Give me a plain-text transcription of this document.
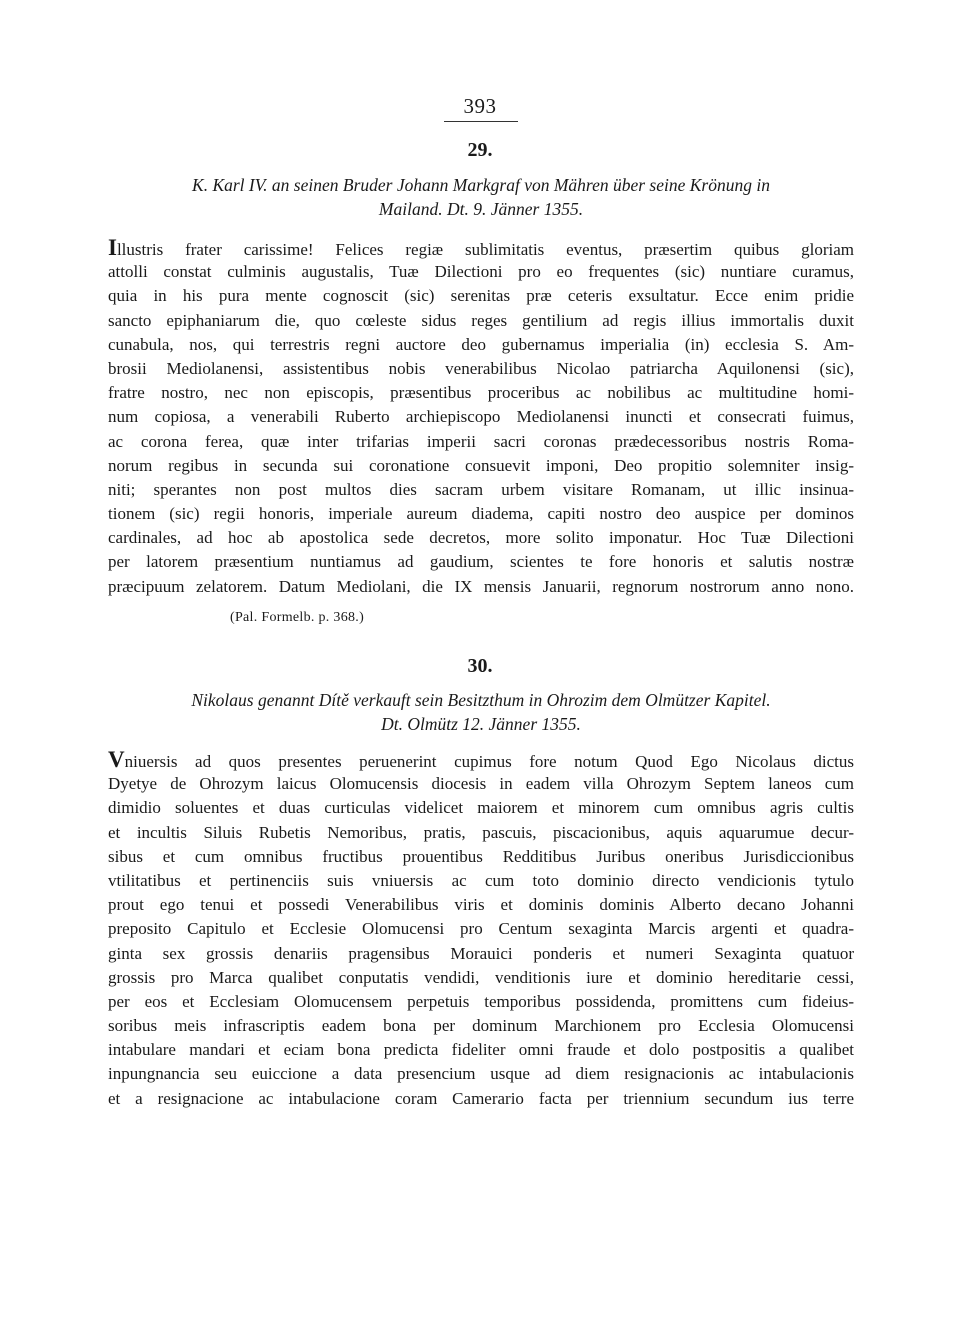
393
29.
K. Karl IV. an seinen Bruder Johann Markgraf von Mähren über seine Krönung in
Mailand. Dt. 9. Jänner 1355.
Illustris frater carissime! Felices regiæ sublimitatis eventus, præsertim quibus gloriam
attolli constat culminis augustalis, Tuæ Dilectioni pro eo frequentes (sic) nuntiare curamus,
quia in his pura mente cognoscit (sic) serenitas præ ceteris exsultatur. Ecce enim pridie
sancto epiphaniarum die, quo cœleste sidus reges gentilium ad regis illius immortalis duxit
cunabula, nos, qui terrestris regni auctore deo gubernamus imperialia (in) ecclesia S. Am-
brosii Mediolanensi, assistentibus nobis venerabilibus Nicolao patriarcha Aquilonensi (sic),
fratre nostro, nec non episcopis, præsentibus proceribus ac nobilibus ac multitudine homi-
num copiosa, a venerabili Ruberto archiepiscopo Mediolanensi inuncti et consecrati fuimus,
ac corona ferea, quæ inter trifarias imperii sacri coronas prædecessoribus nostris Roma-
norum regibus in secunda sui coronatione consuevit imponi, Deo propitio solemniter insig-
niti; sperantes non post multos dies sacram urbem visitare Romanam, ut illic insinua-
tionem (sic) regii honoris, imperiale aureum diadema, capiti nostro deo auspice per dominos
cardinales, ad hoc ab apostolica sede decretos, more solito imponatur. Hoc Tuæ Dilectioni
per latorem præsentium nuntiamus ad gaudium, scientes te fore honoris et salutis nostræ
præcipuum zelatorem. Datum Mediolani, die IX mensis Januarii, regnorum nostrorum anno nono.
(Pal. Formelb. p. 368.)
30.
Nikolaus genannt Dítě verkauft sein Besitzthum in Ohrozim dem Olmützer Kapitel.
Dt. Olmütz 12. Jänner 1355.
Vniuersis ad quos presentes peruenerint cupimus fore notum Quod Ego Nicolaus dictus
Dyetye de Ohrozym laicus Olomucensis diocesis in eadem villa Ohrozym Septem laneos cum
dimidio soluentes et duas curticulas videlicet maiorem et minorem cum omnibus agris cultis
et incultis Siluis Rubetis Nemoribus, pratis, pascuis, piscacionibus, aquis aquarumue decur-
sibus et cum omnibus fructibus prouentibus Redditibus Juribus oneribus Jurisdiccionibus
vtilitatibus et pertinenciis suis vniuersis ac cum toto dominio directo vendicionis tytulo
prout ego tenui et possedi Venerabilibus viris et dominis dominis Alberto decano Johanni
preposito Capitulo et Ecclesie Olomucensi pro Centum sexaginta Marcis argenti et quadra-
ginta sex grossis denariis pragensibus Morauici ponderis et numeri Sexaginta quatuor
grossis pro Marca qualibet conputatis vendidi, venditionis iure et dominio hereditarie cessi,
per eos et Ecclesiam Olomucensem perpetuis temporibus possidenda, promittens cum fideius-
soribus meis infrascriptis eadem bona per dominum Marchionem pro Ecclesia Olomucensi
intabulare mandari et eciam bona predicta fideliter omni fraude et dolo postpositis a qualibet
inpungnancia seu euiccione a data presencium usque ad diem resignacionis ac intabulacionis
et a resignacione ac intabulacione coram Camerario facta per triennium secundum ius terre
